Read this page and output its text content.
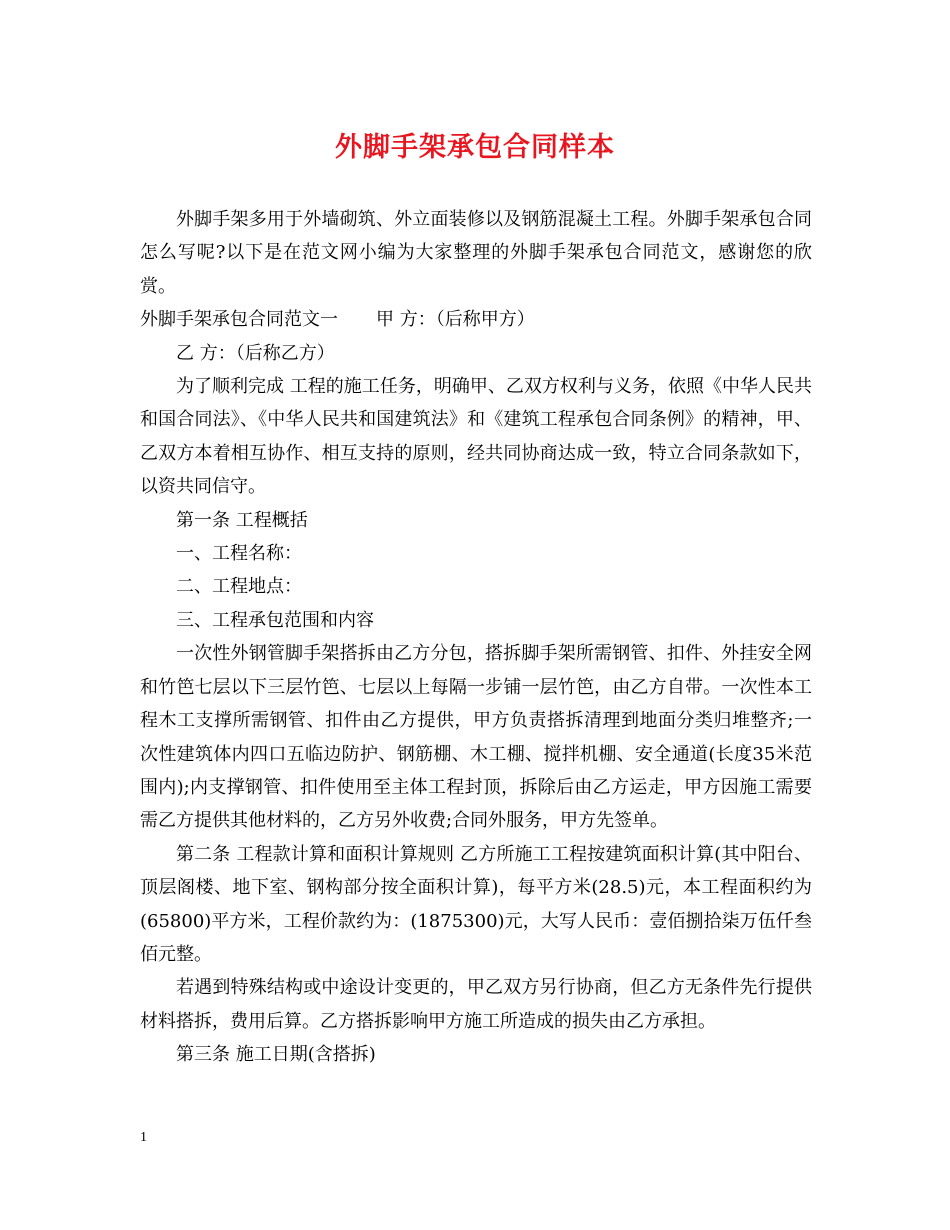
外脚手架承包合同样本

外脚手架多用于外墙砌筑、外立面装修以及钢筋混凝土工程。外脚手架承包合同怎么写呢?以下是在范文网小编为大家整理的外脚手架承包合同范文，感谢您的欣赏。

外脚手架承包合同范文一 甲 方：（后称甲方）

乙 方：（后称乙方）

为了顺利完成 工程的施工任务，明确甲、乙双方权利与义务，依照《中华人民共和国合同法》、《中华人民共和国建筑法》和《建筑工程承包合同条例》的精神，甲、乙双方本着相互协作、相互支持的原则，经共同协商达成一致，特立合同条款如下，以资共同信守。

第一条 工程概括

一、工程名称：

二、工程地点：

三、工程承包范围和内容

一次性外钢管脚手架搭拆由乙方分包，搭拆脚手架所需钢管、扣件、外挂安全网和竹笆七层以下三层竹笆、七层以上每隔一步铺一层竹笆，由乙方自带。一次性本工程木工支撑所需钢管、扣件由乙方提供，甲方负责搭拆清理到地面分类归堆整齐;一次性建筑体内四口五临边防护、钢筋棚、木工棚、搅拌机棚、安全通道(长度35米范围内);内支撑钢管、扣件使用至主体工程封顶，拆除后由乙方运走，甲方因施工需要需乙方提供其他材料的，乙方另外收费;合同外服务，甲方先签单。

第二条 工程款计算和面积计算规则 乙方所施工工程按建筑面积计算(其中阳台、顶层阁楼、地下室、钢构部分按全面积计算)，每平方米(28.5)元，本工程面积约为(65800)平方米，工程价款约为：(1875300)元，大写人民币：壹佰捌拾柒万伍仟叁佰元整。

若遇到特殊结构或中途设计变更的，甲乙双方另行协商，但乙方无条件先行提供材料搭拆，费用后算。乙方搭拆影响甲方施工所造成的损失由乙方承担。

第三条 施工日期(含搭拆)

1
